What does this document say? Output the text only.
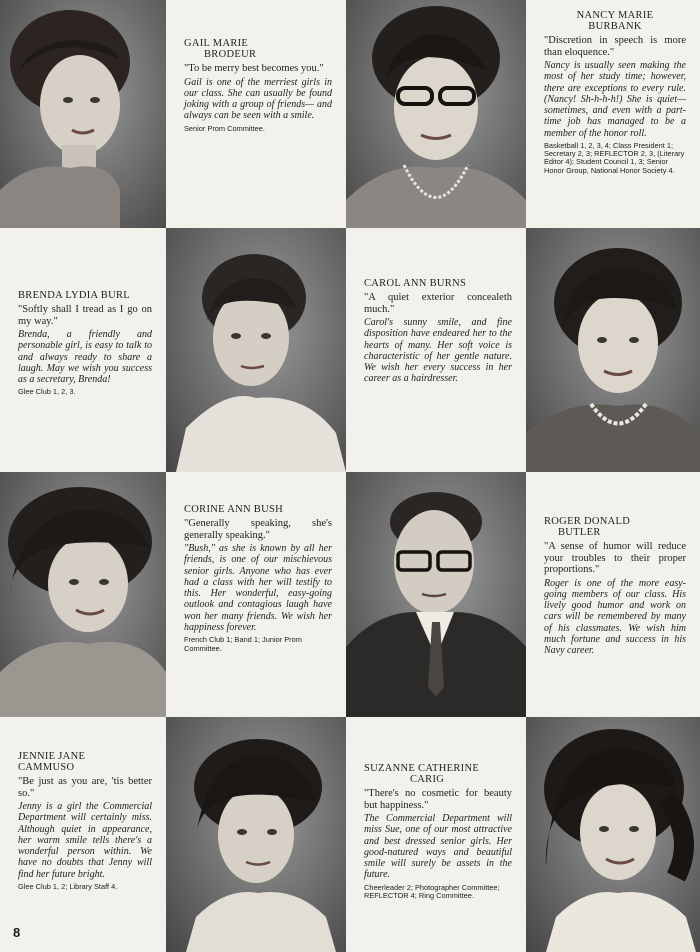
GAIL MARIE
BRODEUR

"To be merry best becomes you."

Gail is one of the merriest girls in our class. She can usually be found joking with a group of friends— and always can be seen with a smile.

Senior Prom Committee.

NANCY MARIE
BURBANK

"Discretion in speech is more than eloquence."

Nancy is usually seen making the most of her study time; however, there are exceptions to every rule. (Nancy! Sh-h-h-h!) She is quiet—sometimes, and even with a part-time job has managed to be a member of the honor roll.

Basketball 1, 2, 3, 4; Class President 1; Secretary 2, 3; REFLECTOR 2, 3, (Literary Editor 4); Student Council 1, 3; Senior Honor Group, National Honor Society 4.

BRENDA LYDIA BURL

"Softly shall I tread as I go on my way."

Brenda, a friendly and personable girl, is easy to talk to and always ready to share a laugh. May we wish you success as a secretary, Brenda!

Glee Club 1, 2, 3.

CAROL ANN BURNS

"A quiet exterior concealeth much."

Carol's sunny smile, and fine disposition have endeared her to the hearts of many. Her soft voice is characteristic of her gentle nature. We wish her every success in her career as a hairdresser.

CORINE ANN BUSH

"Generally speaking, she's generally speaking."

"Bush," as she is known by all her friends, is one of our mischievous senior girls. Anyone who has ever had a class with her will testify to this. Her wonderful, easy-going outlook and contagious laugh have won her many friends. We wish her happiness forever.

French Club 1; Band 1; Junior Prom Committee.

ROGER DONALD
BUTLER

"A sense of humor will reduce your troubles to their proper proportions."

Roger is one of the more easy-going members of our class. His lively good humor and work on cars will be remembered by many of his classmates. We wish him much fortune and success in his Navy career.

JENNIE JANE
CAMMUSO

"Be just as you are, 'tis better so."

Jenny is a girl the Commercial Department will certainly miss. Although quiet in appearance, her warm smile tells there's a wonderful person within. We have no doubts that Jenny will find her future bright.

Glee Club 1, 2; Library Staff 4.

SUZANNE CATHERINE
CARIG

"There's no cosmetic for beauty but happiness."

The Commercial Department will miss Sue, one of our most attractive and best dressed senior girls. Her good-natured ways and beautiful smile will surely be assets in the future.

Cheerleader 2; Photographer Committee; REFLECTOR 4; Ring Committee.

8
